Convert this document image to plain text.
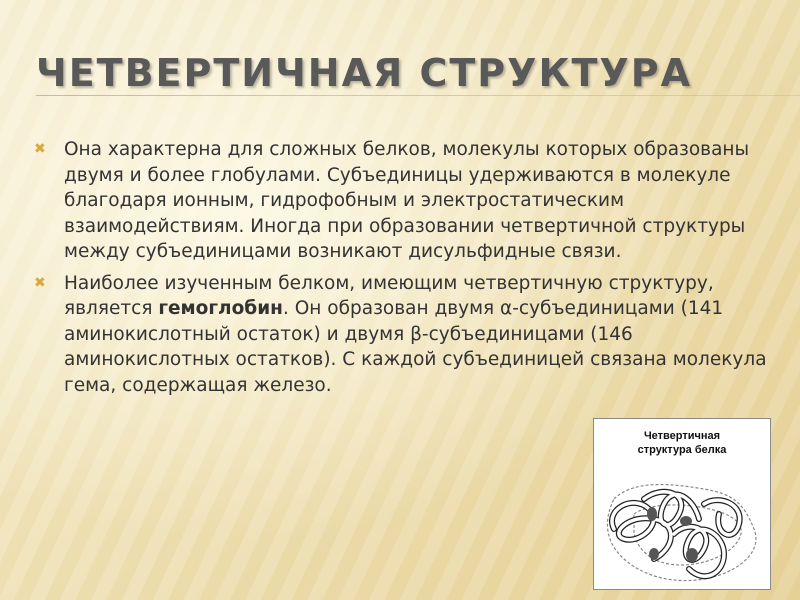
ЧЕТВЕРТИЧНАЯ СТРУКТУРА
✖ Она характерна для сложных белков, молекулы которых образованы двумя и более глобулами. Субъединицы удерживаются в молекуле благодаря ионным, гидрофобным и электростатическим взаимодействиям. Иногда при образовании четвертичной структуры между субъединицами возникают дисульфидные связи.
✖ Наиболее изученным белком, имеющим четвертичную структуру, является гемоглобин. Он образован двумя α-субъединицами (141 аминокислотный остаток) и двумя β-субъединицами (146 аминокислотных остатков). С каждой субъединицей связана молекула гема, содержащая железо.
Четвертичная
структура белка
